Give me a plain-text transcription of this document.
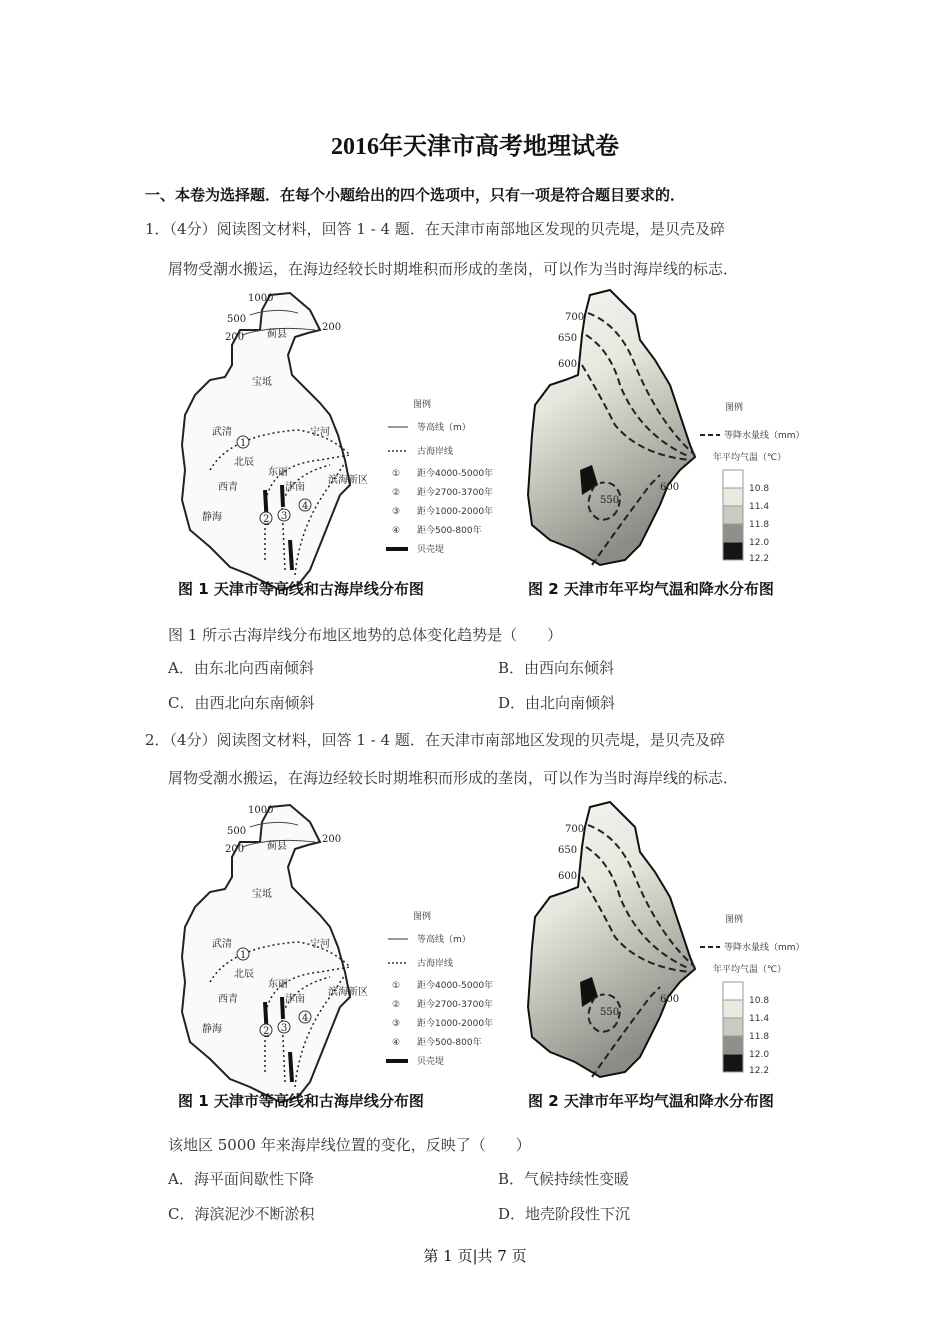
2016年天津市高考地理试卷
一、本卷为选择题．在每个小题给出的四个选项中，只有一项是符合题目要求的．
1．（4分）阅读图文材料，回答 1 - 4 题．在天津市南部地区发现的贝壳堤，是贝壳及碎
屑物受潮水搬运，在海边经较长时期堆积而形成的垄岗，可以作为当时海岸线的标志．
1000
500
200
200
蓟县
宝坻
武清	宁河
北辰
东丽
津南
西青
静海
滨海新区
1
2 3
4
图例
等高线（m）
古海岸线
① 距今4000-5000年
② 距今2700-3700年
③ 距今1000-2000年
④ 距今500-800年
贝壳堤
图 1 天津市等高线和古海岸线分布图
700
650
600
600
550
图例
等降水量线（mm）
年平均气温（℃）
10.8
11.4
11.8
12.0
12.2
图 2 天津市年平均气温和降水分布图
图 1 所示古海岸线分布地区地势的总体变化趋势是（　　）
A．由东北向西南倾斜	B．由西向东倾斜
C．由西北向东南倾斜	D．由北向南倾斜
2．（4分）阅读图文材料，回答 1 - 4 题．在天津市南部地区发现的贝壳堤，是贝壳及碎
屑物受潮水搬运，在海边经较长时期堆积而形成的垄岗，可以作为当时海岸线的标志．
1000
500
200
200
蓟县
宝坻
武清	宁河
北辰
东丽
津南
西青
静海
滨海新区
1
2 3
4
图例
等高线（m）
古海岸线
① 距今4000-5000年
② 距今2700-3700年
③ 距今1000-2000年
④ 距今500-800年
贝壳堤
图 1 天津市等高线和古海岸线分布图
700
650
600
600
550
图例
等降水量线（mm）
年平均气温（℃）
10.8
11.4
11.8
12.0
12.2
图 2 天津市年平均气温和降水分布图
该地区 5000 年来海岸线位置的变化，反映了（　　）
A．海平面间歇性下降	B．气候持续性变暖
C．海滨泥沙不断淤积	D．地壳阶段性下沉
第 1 页|共 7 页
